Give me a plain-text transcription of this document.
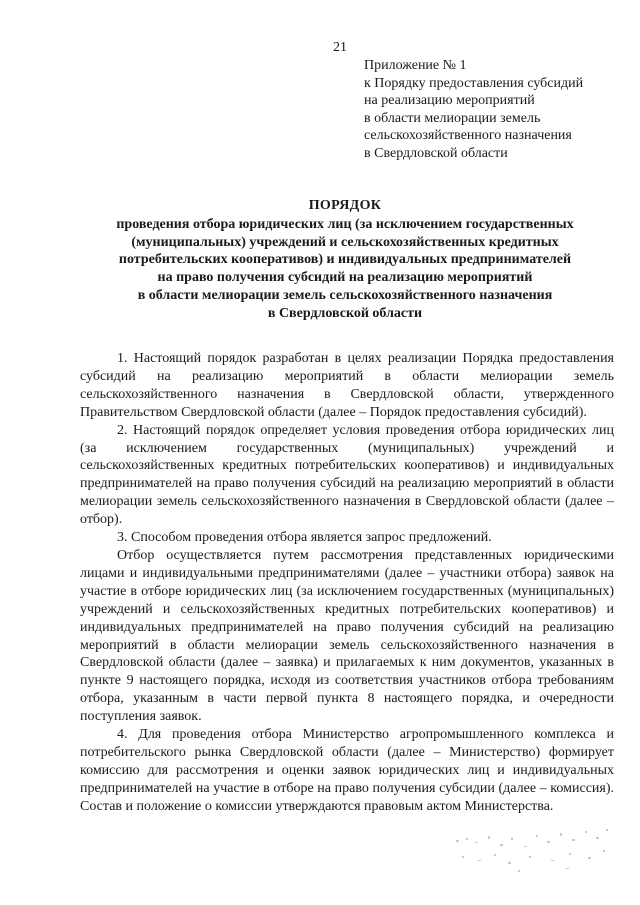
21
Приложение № 1
к Порядку предоставления субсидий
на реализацию мероприятий
в области мелиорации земель
сельскохозяйственного назначения
в Свердловской области
ПОРЯДОК
проведения отбора юридических лиц (за исключением государственных
(муниципальных) учреждений и сельскохозяйственных кредитных
потребительских кооперативов) и индивидуальных предпринимателей
на право получения субсидий на реализацию мероприятий
в области мелиорации земель сельскохозяйственного назначения
в Свердловской области

1. Настоящий порядок разработан в целях реализации Порядка предоставления субсидий на реализацию мероприятий в области мелиорации земель сельскохозяйственного назначения в Свердловской области, утвержденного Правительством Свердловской области (далее – Порядок предоставления субсидий).

2. Настоящий порядок определяет условия проведения отбора юридических лиц (за исключением государственных (муниципальных) учреждений и сельскохозяйственных кредитных потребительских кооперативов) и индивидуальных предпринимателей на право получения субсидий на реализацию мероприятий в области мелиорации земель сельскохозяйственного назначения в Свердловской области (далее – отбор).

3. Способом проведения отбора является запрос предложений.

Отбор осуществляется путем рассмотрения представленных юридическими лицами и индивидуальными предпринимателями (далее – участники отбора) заявок на участие в отборе юридических лиц (за исключением государственных (муниципальных) учреждений и сельскохозяйственных кредитных потребительских кооперативов) и индивидуальных предпринимателей на право получения субсидий на реализацию мероприятий в области мелиорации земель сельскохозяйственного назначения в Свердловской области (далее – заявка) и прилагаемых к ним документов, указанных в пункте 9 настоящего порядка, исходя из соответствия участников отбора требованиям отбора, указанным в части первой пункта 8 настоящего порядка, и очередности поступления заявок.

4. Для проведения отбора Министерство агропромышленного комплекса и потребительского рынка Свердловской области (далее – Министерство) формирует комиссию для рассмотрения и оценки заявок юридических лиц и индивидуальных предпринимателей на участие в отборе на право получения субсидии (далее – комиссия). Состав и положение о комиссии утверждаются правовым актом Министерства.
